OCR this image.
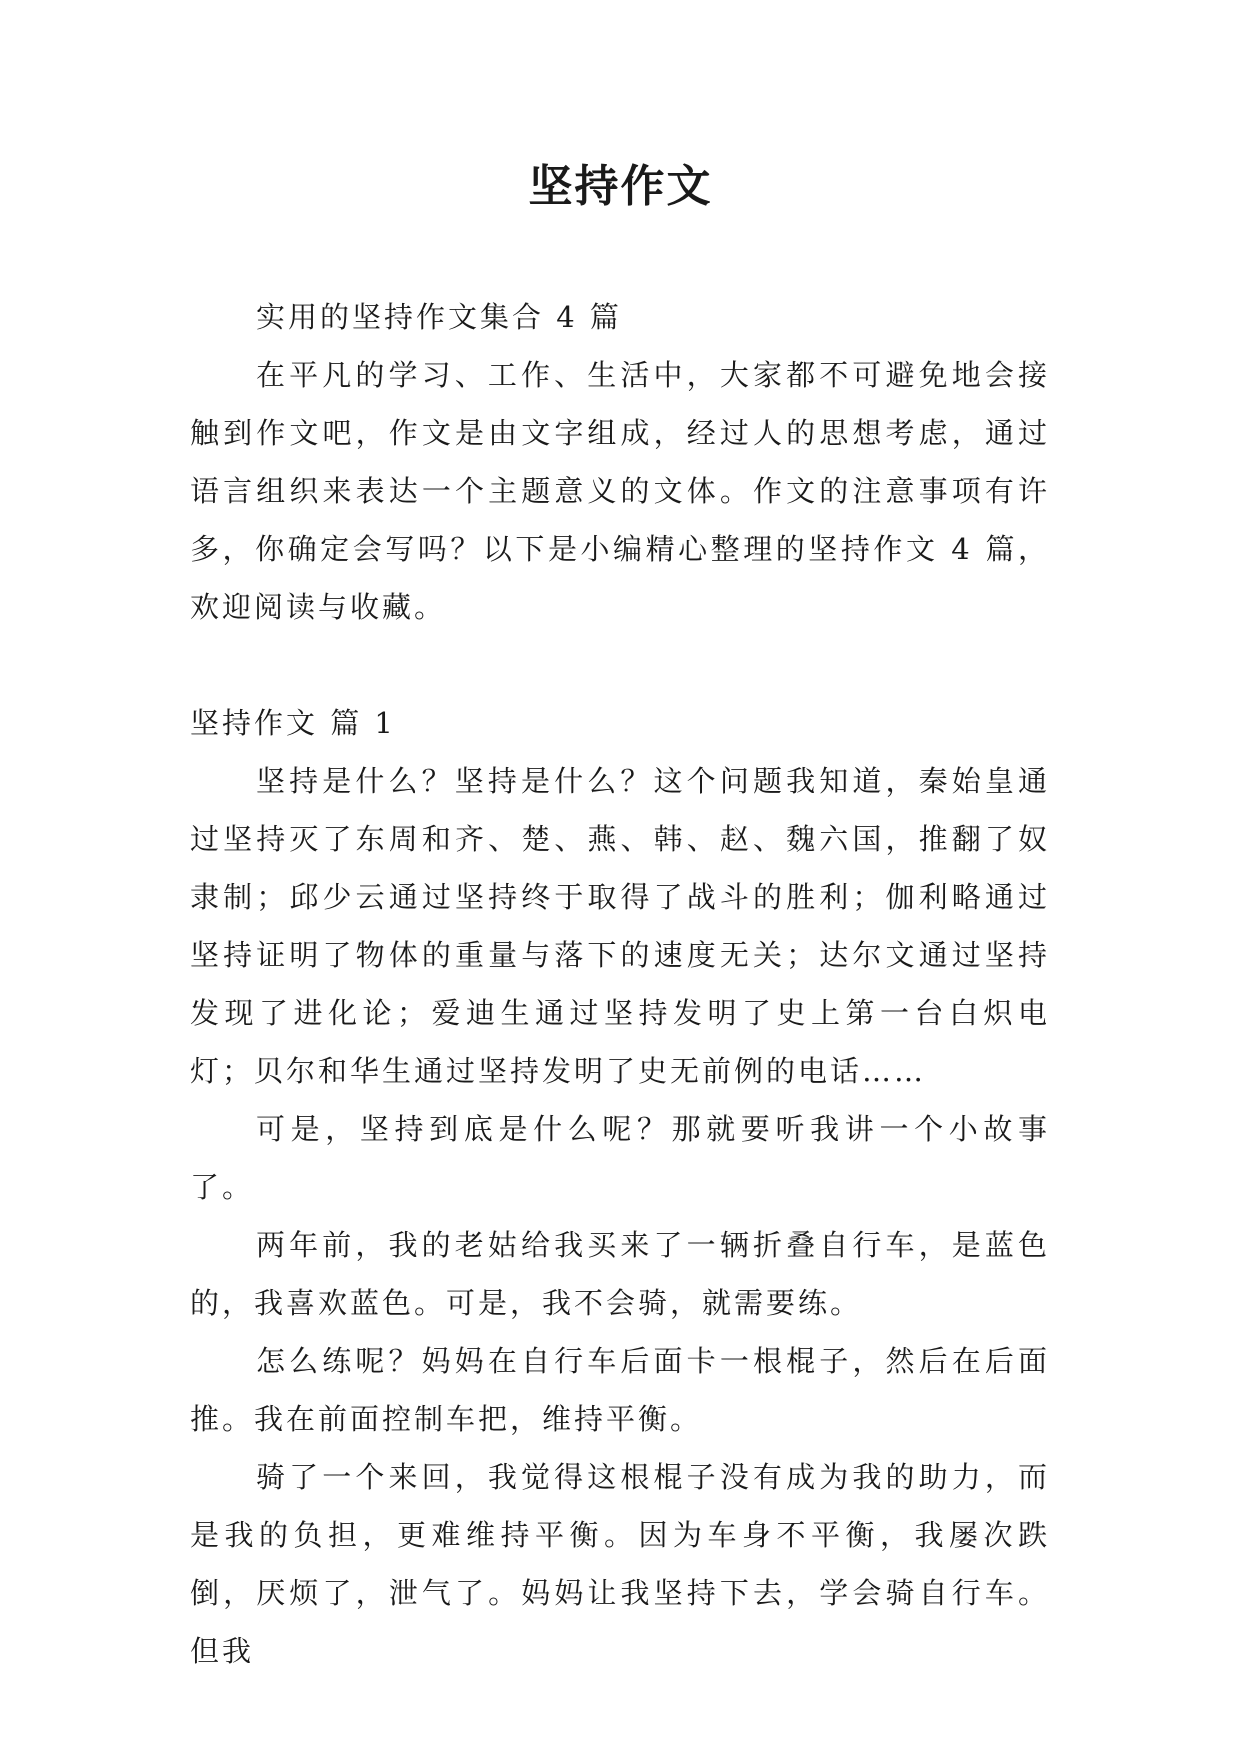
坚持作文

实用的坚持作文集合 4 篇

在平凡的学习、工作、生活中，大家都不可避免地会接触到作文吧，作文是由文字组成，经过人的思想考虑，通过语言组织来表达一个主题意义的文体。作文的注意事项有许多，你确定会写吗？以下是小编精心整理的坚持作文 4 篇，欢迎阅读与收藏。

坚持作文 篇 1

坚持是什么？坚持是什么？这个问题我知道，秦始皇通过坚持灭了东周和齐、楚、燕、韩、赵、魏六国，推翻了奴隶制；邱少云通过坚持终于取得了战斗的胜利；伽利略通过坚持证明了物体的重量与落下的速度无关；达尔文通过坚持发现了进化论；爱迪生通过坚持发明了史上第一台白炽电灯；贝尔和华生通过坚持发明了史无前例的电话……

可是，坚持到底是什么呢？那就要听我讲一个小故事了。

两年前，我的老姑给我买来了一辆折叠自行车，是蓝色的，我喜欢蓝色。可是，我不会骑，就需要练。

怎么练呢？妈妈在自行车后面卡一根棍子，然后在后面推。我在前面控制车把，维持平衡。

骑了一个来回，我觉得这根棍子没有成为我的助力，而是我的负担，更难维持平衡。因为车身不平衡，我屡次跌倒，厌烦了，泄气了。妈妈让我坚持下去，学会骑自行车。但我
